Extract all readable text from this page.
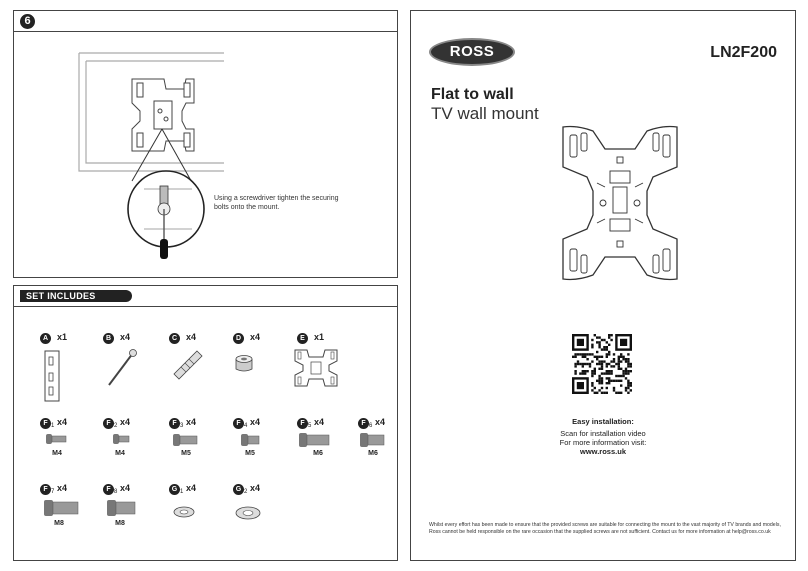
6
Using a screwdriver tighten the securing bolts onto the mount.
SET INCLUDES
A x1	B x4	C x4	D x4	E	x1
F 1 x4
M4
F 2 x4
M4
F 3 x4
M5
F 4 x4
M5
F 5 x4
M6
F 6 x4
M6
F 7 x4
M8
F 8 x4
M8
G 1 x4	G 2 x4
ROSS	LN2F200
Flat to wall
TV wall mount
Easy installation:
Scan for installation video
For more information visit:
www.ross.uk
Whilst every effort has been made to ensure that the provided screws are suitable for connecting the mount to the vast majority of TV brands and models, Ross cannot be held responsible on the rare occasion that the supplied screws are not sufficient. Contact us for more information at help@ross.co.uk
